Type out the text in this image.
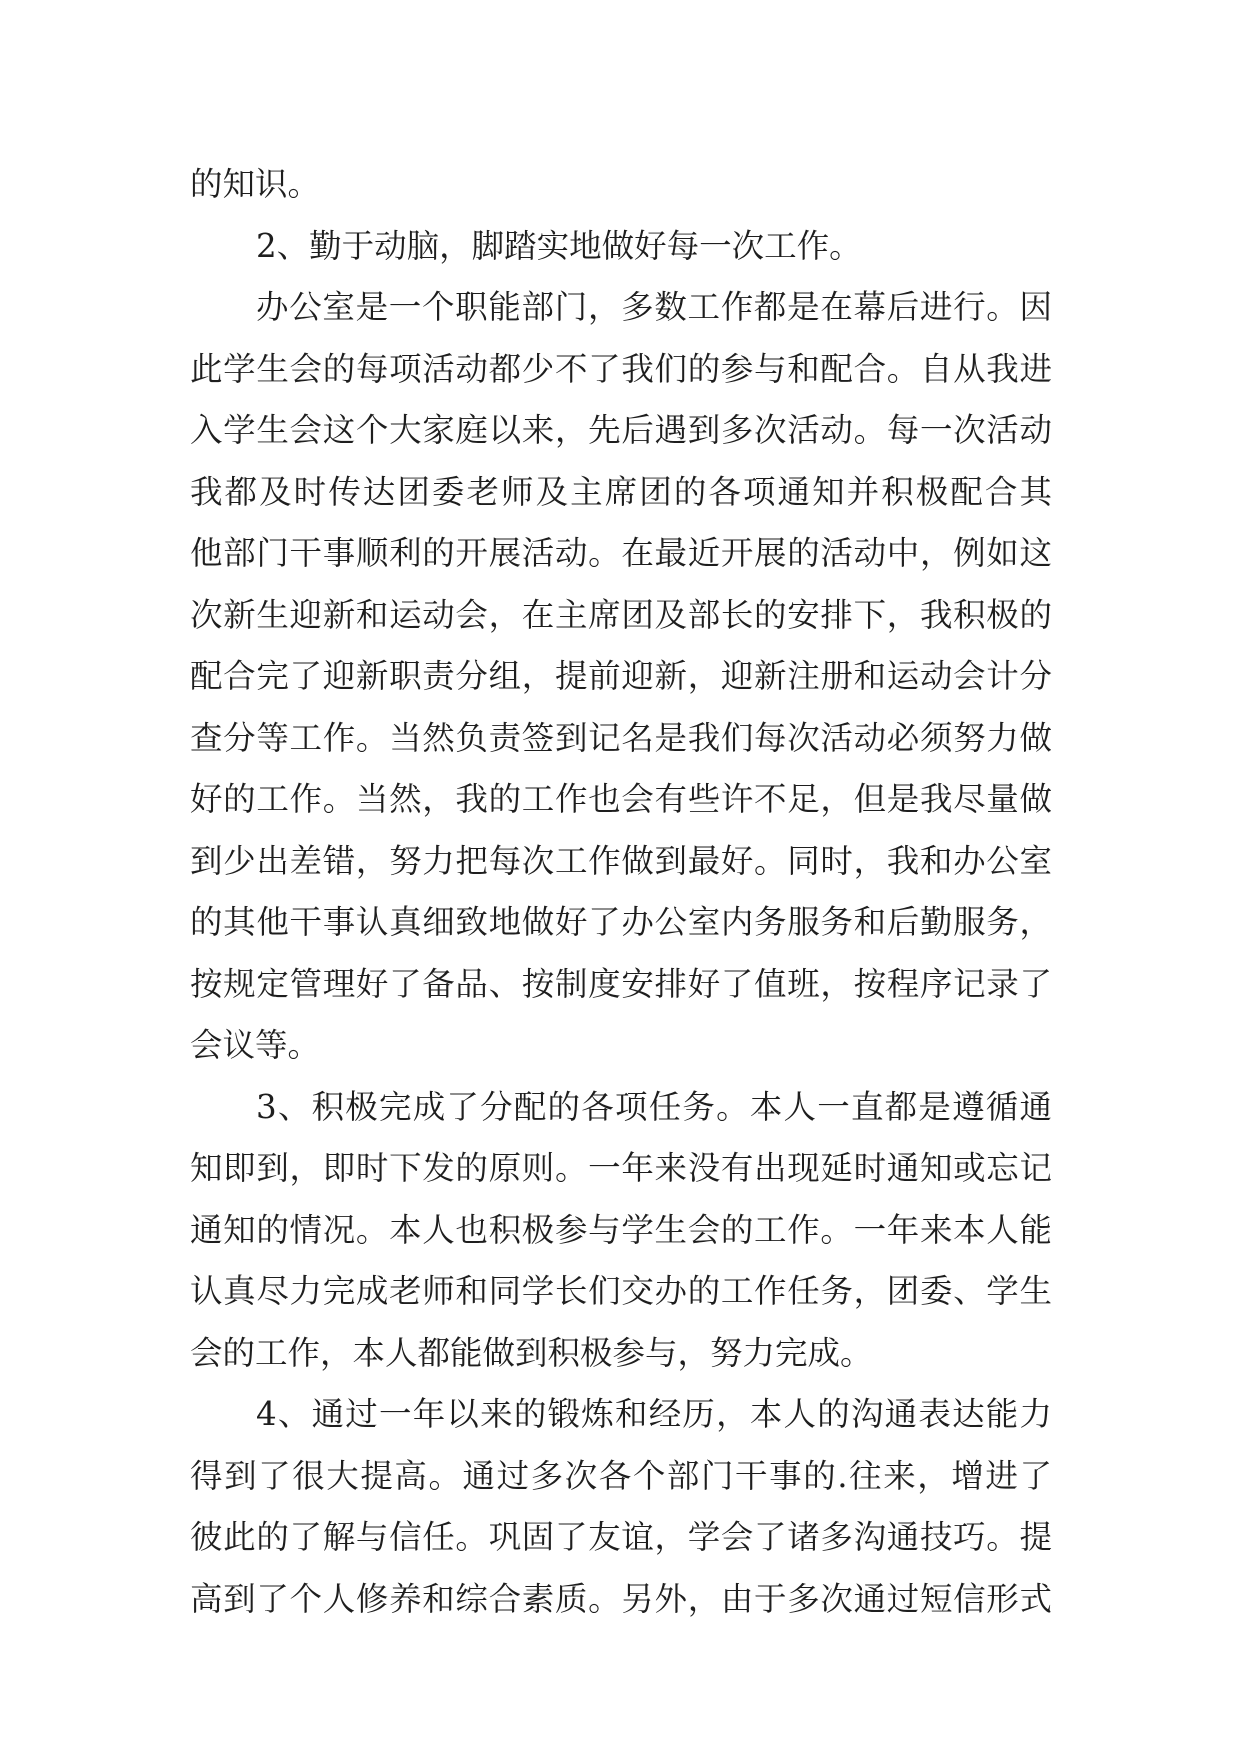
的知识。
2、勤于动脑，脚踏实地做好每一次工作。
办公室是一个职能部门，多数工作都是在幕后进行。因
此学生会的每项活动都少不了我们的参与和配合。自从我进
入学生会这个大家庭以来，先后遇到多次活动。每一次活动
我都及时传达团委老师及主席团的各项通知并积极配合其
他部门干事顺利的开展活动。在最近开展的活动中，例如这
次新生迎新和运动会，在主席团及部长的安排下，我积极的
配合完了迎新职责分组，提前迎新，迎新注册和运动会计分
查分等工作。当然负责签到记名是我们每次活动必须努力做
好的工作。当然，我的工作也会有些许不足，但是我尽量做
到少出差错，努力把每次工作做到最好。同时，我和办公室
的其他干事认真细致地做好了办公室内务服务和后勤服务，
按规定管理好了备品、按制度安排好了值班，按程序记录了
会议等。
3、积极完成了分配的各项任务。本人一直都是遵循通
知即到，即时下发的原则。一年来没有出现延时通知或忘记
通知的情况。本人也积极参与学生会的工作。一年来本人能
认真尽力完成老师和同学长们交办的工作任务，团委、学生
会的工作，本人都能做到积极参与，努力完成。
4、通过一年以来的锻炼和经历，本人的沟通表达能力
得到了很大提高。通过多次各个部门干事的.往来，增进了
彼此的了解与信任。巩固了友谊，学会了诸多沟通技巧。提
高到了个人修养和综合素质。另外，由于多次通过短信形式
